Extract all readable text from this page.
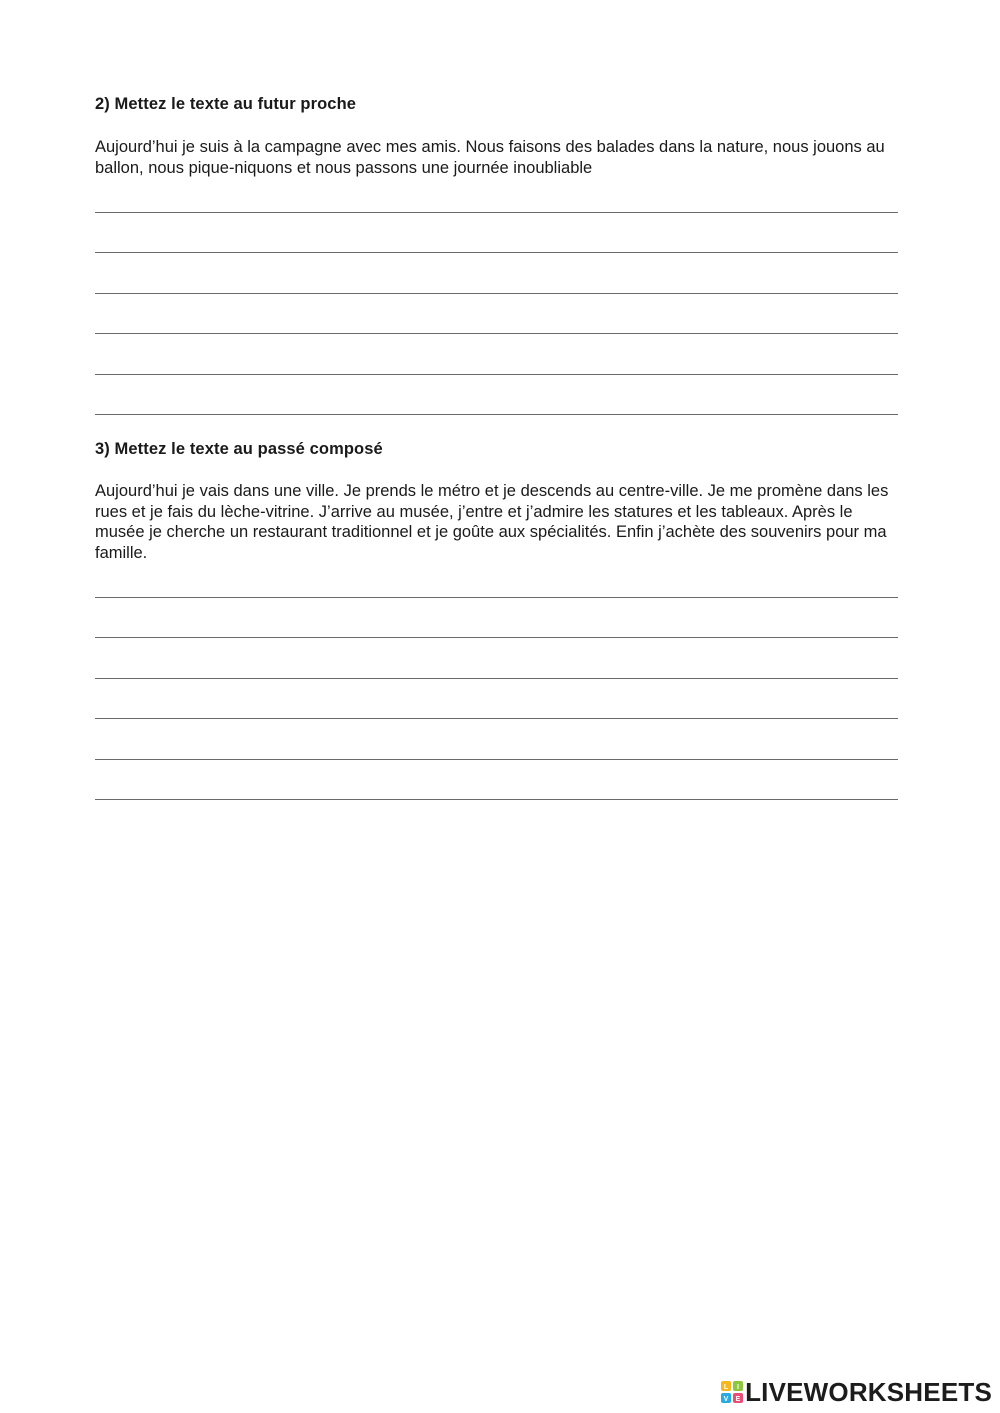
2) Mettez le texte au futur proche

Aujourd’hui je suis à la campagne avec mes amis. Nous faisons des balades dans la nature, nous jouons au ballon, nous pique-niquons et nous passons une journée inoubliable

3) Mettez le texte au passé composé

Aujourd’hui je vais dans une ville. Je prends le métro et je descends au centre-ville. Je me promène dans les rues et je fais du lèche-vitrine. J’arrive au musée, j’entre et j’admire les statures et les tableaux. Après le musée je cherche un restaurant traditionnel et je goûte aux spécialités. Enfin j’achète des souvenirs pour ma famille.

L I
V E LIVEWORKSHEETS
